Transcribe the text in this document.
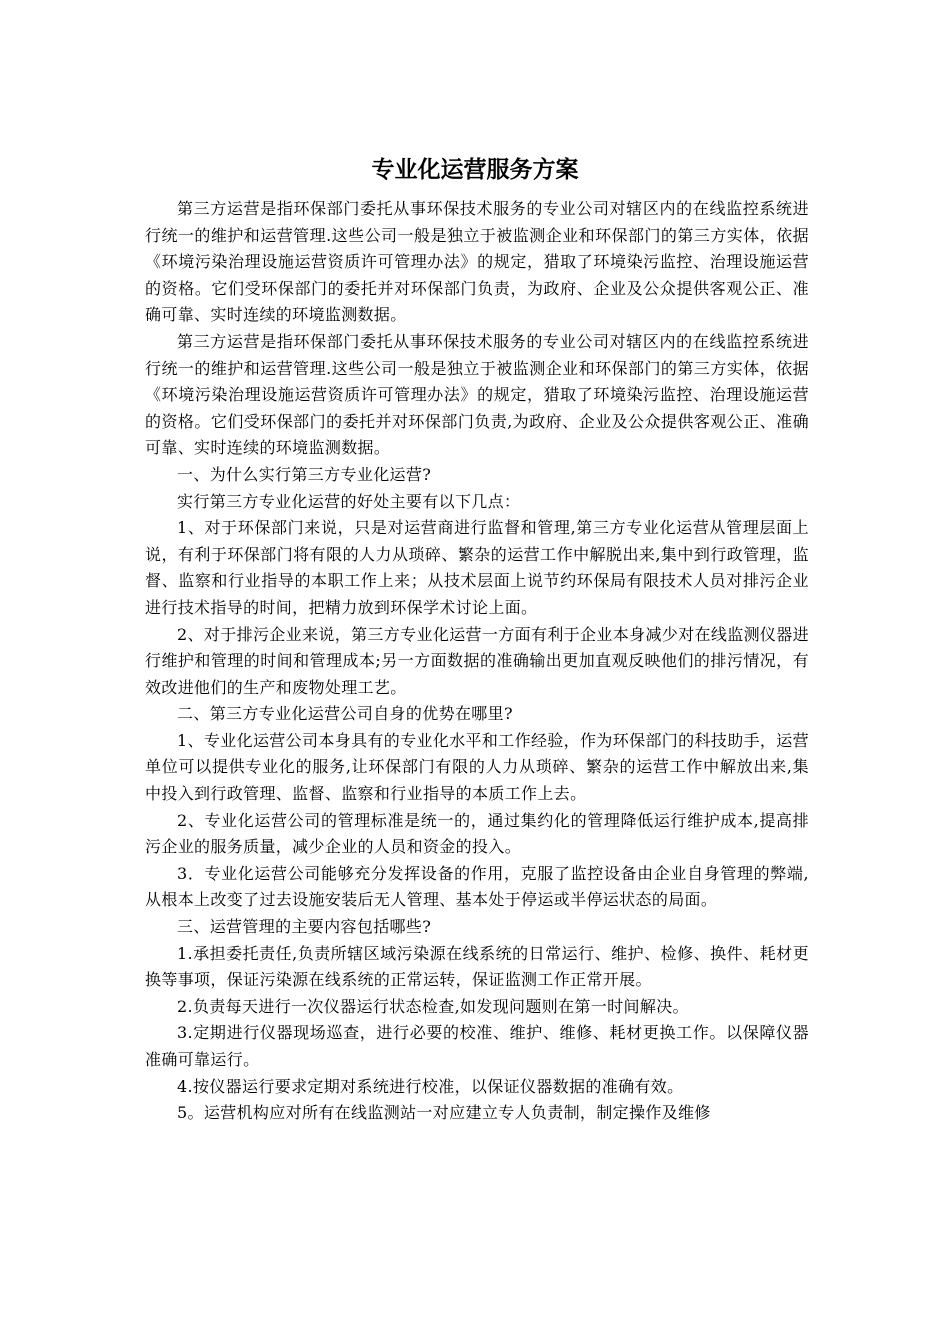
专业化运营服务方案

第三方运营是指环保部门委托从事环保技术服务的专业公司对辖区内的在线监控系统进行统一的维护和运营管理.这些公司一般是独立于被监测企业和环保部门的第三方实体，依据《环境污染治理设施运营资质许可管理办法》的规定，猎取了环境染污监控、治理设施运营的资格。它们受环保部门的委托并对环保部门负责，为政府、企业及公众提供客观公正、准确可靠、实时连续的环境监测数据。

第三方运营是指环保部门委托从事环保技术服务的专业公司对辖区内的在线监控系统进行统一的维护和运营管理.这些公司一般是独立于被监测企业和环保部门的第三方实体，依据《环境污染治理设施运营资质许可管理办法》的规定，猎取了环境染污监控、治理设施运营的资格。它们受环保部门的委托并对环保部门负责,为政府、企业及公众提供客观公正、准确可靠、实时连续的环境监测数据。

一、为什么实行第三方专业化运营?

实行第三方专业化运营的好处主要有以下几点：

1、对于环保部门来说，只是对运营商进行监督和管理,第三方专业化运营从管理层面上说，有利于环保部门将有限的人力从琐碎、繁杂的运营工作中解脱出来,集中到行政管理，监督、监察和行业指导的本职工作上来；从技术层面上说节约环保局有限技术人员对排污企业进行技术指导的时间，把精力放到环保学术讨论上面。

2、对于排污企业来说，第三方专业化运营一方面有利于企业本身减少对在线监测仪器进行维护和管理的时间和管理成本;另一方面数据的准确输出更加直观反映他们的排污情况，有效改进他们的生产和废物处理工艺。

二、第三方专业化运营公司自身的优势在哪里?

1、专业化运营公司本身具有的专业化水平和工作经验，作为环保部门的科技助手，运营单位可以提供专业化的服务,让环保部门有限的人力从琐碎、繁杂的运营工作中解放出来,集中投入到行政管理、监督、监察和行业指导的本质工作上去。

2、专业化运营公司的管理标准是统一的，通过集约化的管理降低运行维护成本,提高排污企业的服务质量，减少企业的人员和资金的投入。

3．专业化运营公司能够充分发挥设备的作用，克服了监控设备由企业自身管理的弊端,从根本上改变了过去设施安装后无人管理、基本处于停运或半停运状态的局面。

三、运营管理的主要内容包括哪些?

1.承担委托责任,负责所辖区域污染源在线系统的日常运行、维护、检修、换件、耗材更换等事项，保证污染源在线系统的正常运转，保证监测工作正常开展。

2.负责每天进行一次仪器运行状态检查,如发现问题则在第一时间解决。

3.定期进行仪器现场巡查，进行必要的校准、维护、维修、耗材更换工作。以保障仪器准确可靠运行。

4.按仪器运行要求定期对系统进行校准，以保证仪器数据的准确有效。

5。运营机构应对所有在线监测站一对应建立专人负责制，制定操作及维修
